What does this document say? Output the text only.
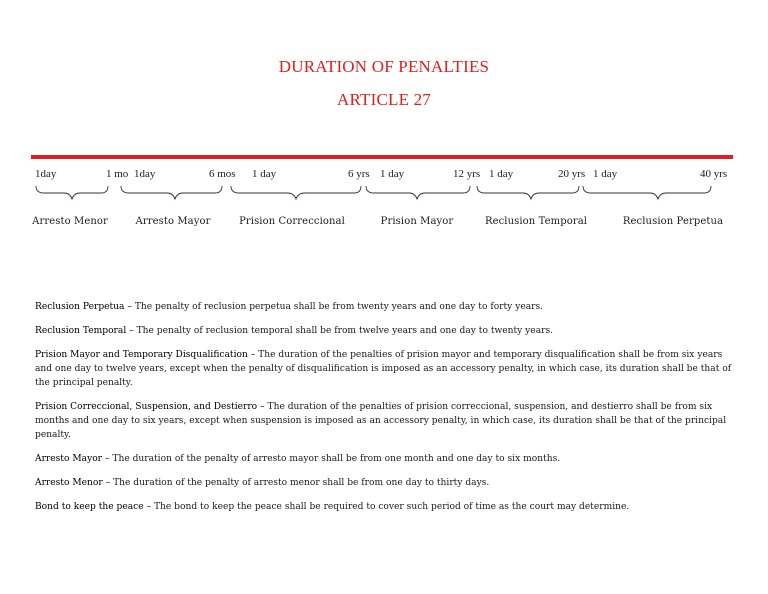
DURATION OF PENALTIES
ARTICLE 27
1day	1 mo 1day	6 mos 1 day	6 yrs 1 day	12 yrs 1 day	20 yrs 1 day	40 yrs
Arresto Menor	Arresto Mayor	Prision Correccional	Prision Mayor	Reclusion Temporal	Reclusion Perpetua

Reclusion Perpetua – The penalty of reclusion perpetua shall be from twenty years and one day to forty years.

Reclusion Temporal – The penalty of reclusion temporal shall be from twelve years and one day to twenty years.

Prision Mayor and Temporary Disqualification – The duration of the penalties of prision mayor and temporary disqualification shall be from six years and one day to twelve years, except when the penalty of disqualification is imposed as an accessory penalty, in which case, its duration shall be that of the principal penalty.

Prision Correccional, Suspension, and Destierro – The duration of the penalties of prision correccional, suspension, and destierro shall be from six months and one day to six years, except when suspension is imposed as an accessory penalty, in which case, its duration shall be that of the principal penalty.

Arresto Mayor – The duration of the penalty of arresto mayor shall be from one month and one day to six months.

Arresto Menor – The duration of the penalty of arresto menor shall be from one day to thirty days.

Bond to keep the peace – The bond to keep the peace shall be required to cover such period of time as the court may determine.
